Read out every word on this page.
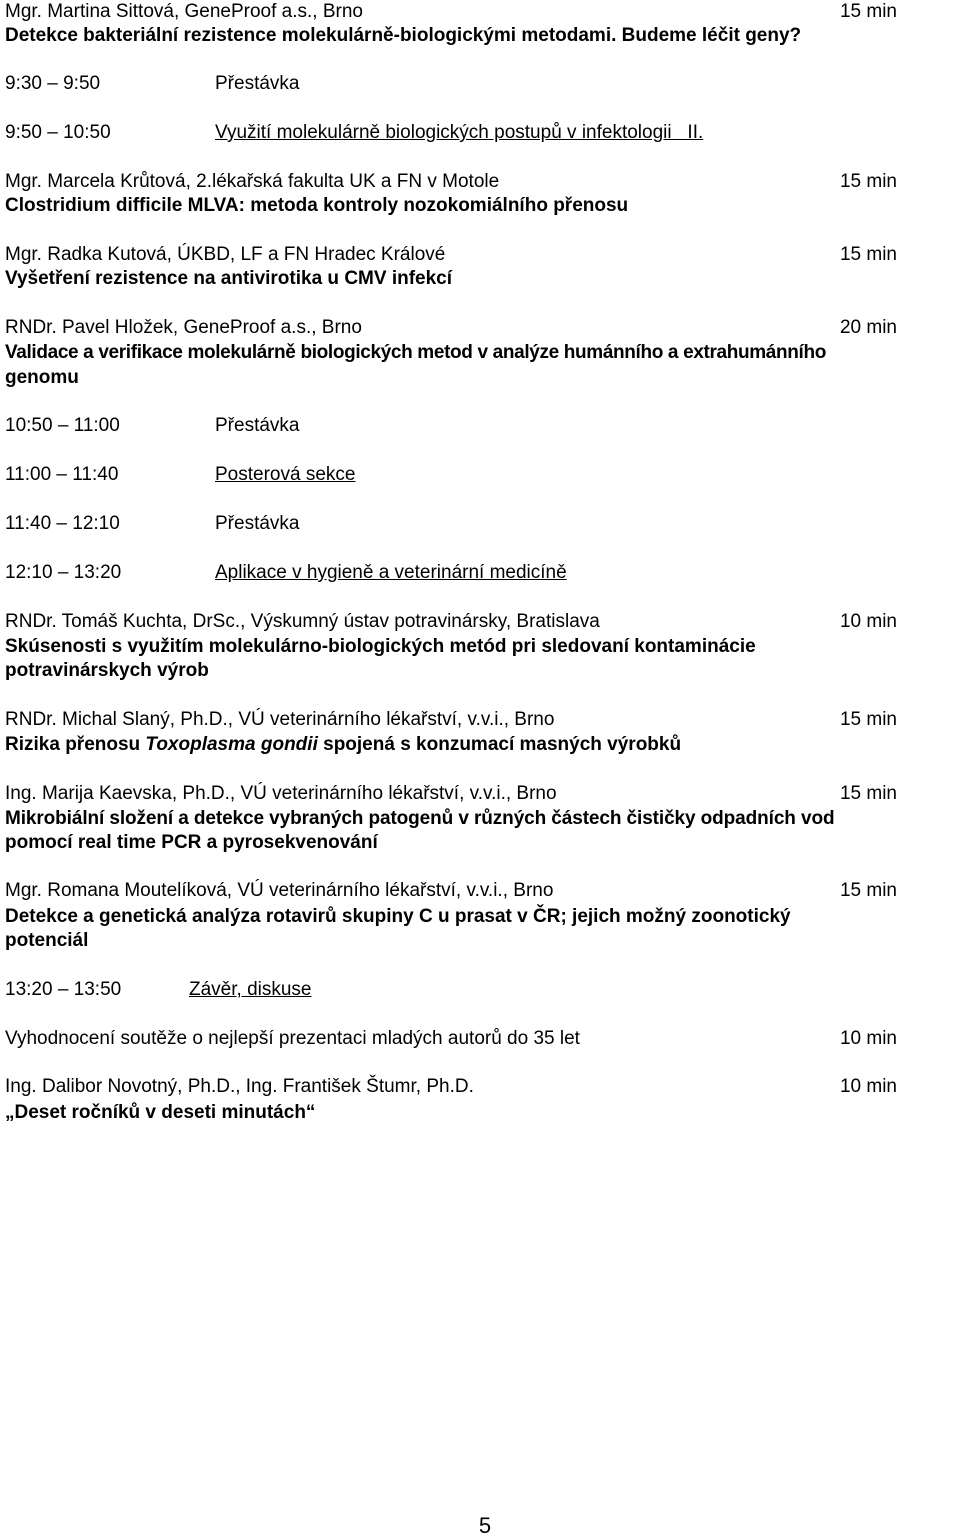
Mgr. Martina Sittová, GeneProof a.s., Brno	15 min
Detekce bakteriální rezistence molekulárně-biologickými metodami. Budeme léčit geny?
9:30 – 9:50	Přestávka
9:50 – 10:50	Využití molekulárně biologických postupů v infektologii   II.
Mgr. Marcela Krůtová, 2.lékařská fakulta UK a FN v Motole	15 min
Clostridium difficile MLVA: metoda kontroly nozokomiálního přenosu
Mgr. Radka Kutová, ÚKBD, LF a FN Hradec Králové	15 min
Vyšetření rezistence na antivirotika u CMV infekcí
RNDr. Pavel Hložek, GeneProof a.s., Brno	20 min
Validace a verifikace molekulárně biologických metod v analýze humánního a extrahumánního
genomu
10:50 – 11:00	Přestávka
11:00 – 11:40	Posterová sekce
11:40 – 12:10	Přestávka
12:10 – 13:20	Aplikace v hygieně a veterinární medicíně
RNDr. Tomáš Kuchta, DrSc., Výskumný ústav potravinársky, Bratislava	10 min
Skúsenosti s využitím molekulárno-biologických metód pri sledovaní kontaminácie
potravinárskych výrob
RNDr. Michal Slaný, Ph.D., VÚ veterinárního lékařství, v.v.i., Brno	15 min
Rizika přenosu Toxoplasma gondii spojená s konzumací masných výrobků
Ing. Marija Kaevska, Ph.D., VÚ veterinárního lékařství, v.v.i., Brno	15 min
Mikrobiální složení a detekce vybraných patogenů v různých částech čističky odpadních vod
pomocí real time PCR a pyrosekvenování
Mgr. Romana Moutelíková, VÚ veterinárního lékařství, v.v.i., Brno	15 min
Detekce a genetická analýza rotavirů skupiny C u prasat v ČR; jejich možný zoonotický
potenciál
13:20 – 13:50	Závěr, diskuse
Vyhodnocení soutěže o nejlepší prezentaci mladých autorů do 35 let	10 min
Ing. Dalibor Novotný, Ph.D., Ing. František Štumr, Ph.D.	10 min
„Deset ročníků v deseti minutách“
5
